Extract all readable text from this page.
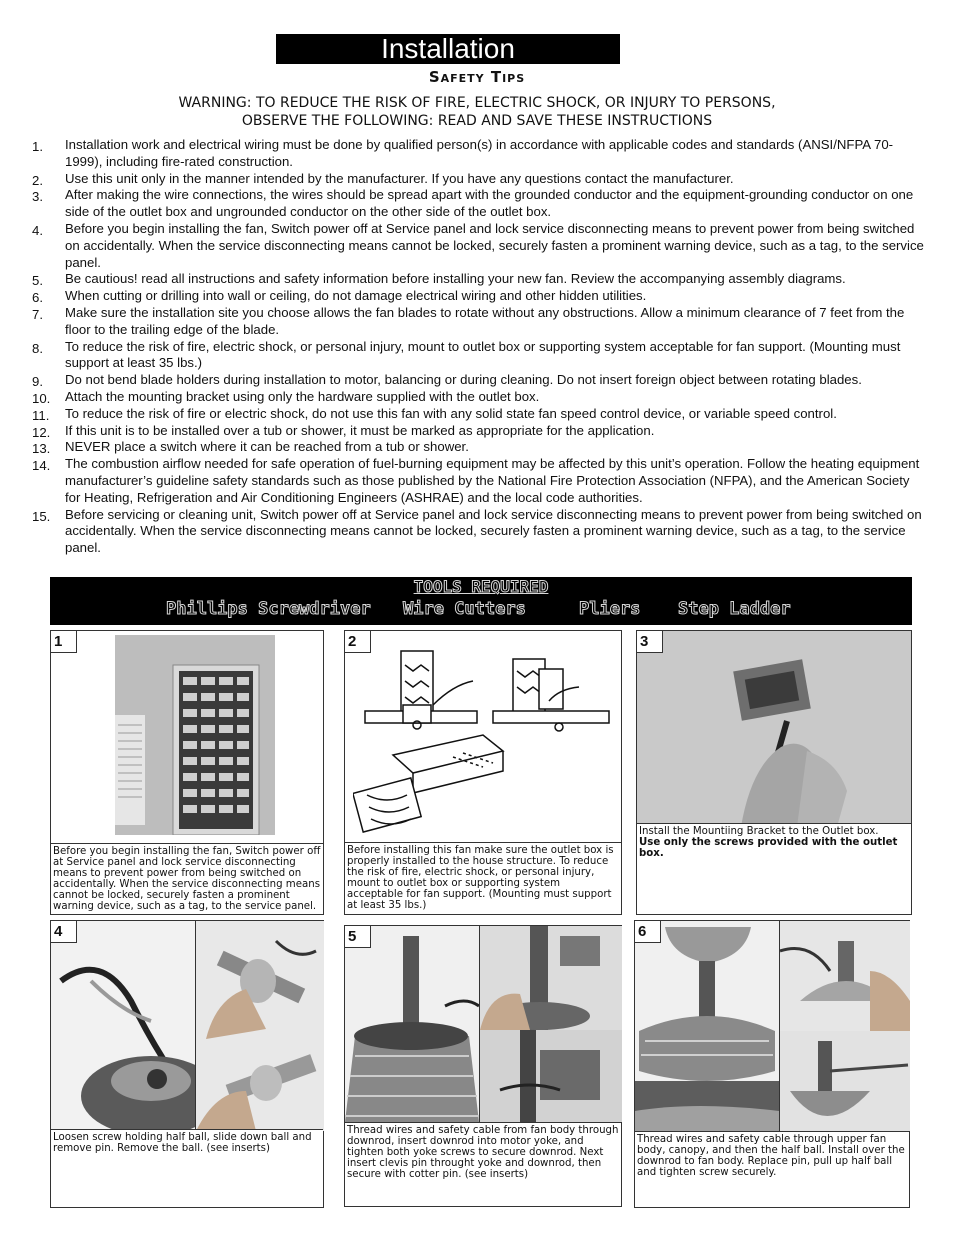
Installation
Safety Tips
WARNING: TO REDUCE THE RISK OF FIRE, ELECTRIC SHOCK, OR INJURY TO PERSONS,
OBSERVE THE FOLLOWING: READ AND SAVE THESE INSTRUCTIONS
1. Installation work and electrical wiring must be done by qualified person(s) in accordance with applicable codes and standards (ANSI/NFPA 70-1999), including fire-rated construction.
2. Use this unit only in the manner intended by the manufacturer. If you have any questions contact the manufacturer.
3. After making the wire connections, the wires should be spread apart with the grounded conductor and the equipment-grounding conductor on one side of the outlet box and ungrounded conductor on the other side of the outlet box.
4. Before you begin installing the fan, Switch power off at Service panel and lock service disconnecting means to prevent power from being switched on accidentally. When the service disconnecting means cannot be locked, securely fasten a prominent warning device, such as a tag, to the service panel.
5. Be cautious! read all instructions and safety information before installing your new fan. Review the accompanying assembly diagrams.
6. When cutting or drilling into wall or ceiling, do not damage electrical wiring and other hidden utilities.
7. Make sure the installation site you choose allows the fan blades to rotate without any obstructions. Allow a minimum clearance of 7 feet from the floor to the trailing edge of the blade.
8. To reduce the risk of fire, electric shock, or personal injury, mount to outlet box or supporting system acceptable for fan support. (Mounting must support at least 35 lbs.)
9. Do not bend blade holders during installation to motor, balancing or during cleaning. Do not insert foreign object between rotating blades.
10. Attach the mounting bracket using only the hardware supplied with the outlet box.
11. To reduce the risk of fire or electric shock, do not use this fan with any solid state fan speed control device, or variable speed control.
12. If this unit is to be installed over a tub or shower, it must be marked as appropriate for the application.
13. NEVER place a switch where it can be reached from a tub or shower.
14. The combustion airflow needed for safe operation of fuel-burning equipment may be affected by this unit’s operation. Follow the heating equipment manufacturer’s guideline safety standards such as those published by the National Fire Protection Association (NFPA), and the American Society for Heating, Refrigeration and Air Conditioning Engineers (ASHRAE) and the local code authorities.
15. Before servicing or cleaning unit, Switch power off at Service panel and lock service disconnecting means to prevent power from being switched on accidentally. When the service disconnecting means cannot be locked, securely fasten a prominent warning device, such as a tag, to the service panel.
TOOLS REQUIRED
Phillips Screwdriver Wire Cutters	Pliers Step Ladder
1
Before you begin installing the fan, Switch power off at Service panel and lock service disconnecting means to prevent power from being switched on accidentally. When the service disconnecting means cannot be locked, securely fasten a prominent warning device, such as a tag, to the service panel.
2
Before installing this fan make sure the outlet box is properly installed to the house structure. To reduce the risk of fire, electric shock, or personal injury, mount to outlet box or supporting system acceptable for fan support. (Mounting must support at least 35 lbs.)
3
Install the Mountiing Bracket to the Outlet box.
Use only the screws provided with the outlet box.
4
Loosen screw holding half ball, slide down ball and remove pin. Remove the ball. (see inserts)
5
Thread wires and safety cable from fan body through downrod, insert downrod into motor yoke, and tighten both yoke screws to secure downrod. Next insert clevis pin throught yoke and downrod, then secure with cotter pin. (see inserts)
6
Thread wires and safety cable through upper fan body, canopy, and then the half ball. Install over the downrod to fan body. Replace pin, pull up half ball and tighten screw securely.
